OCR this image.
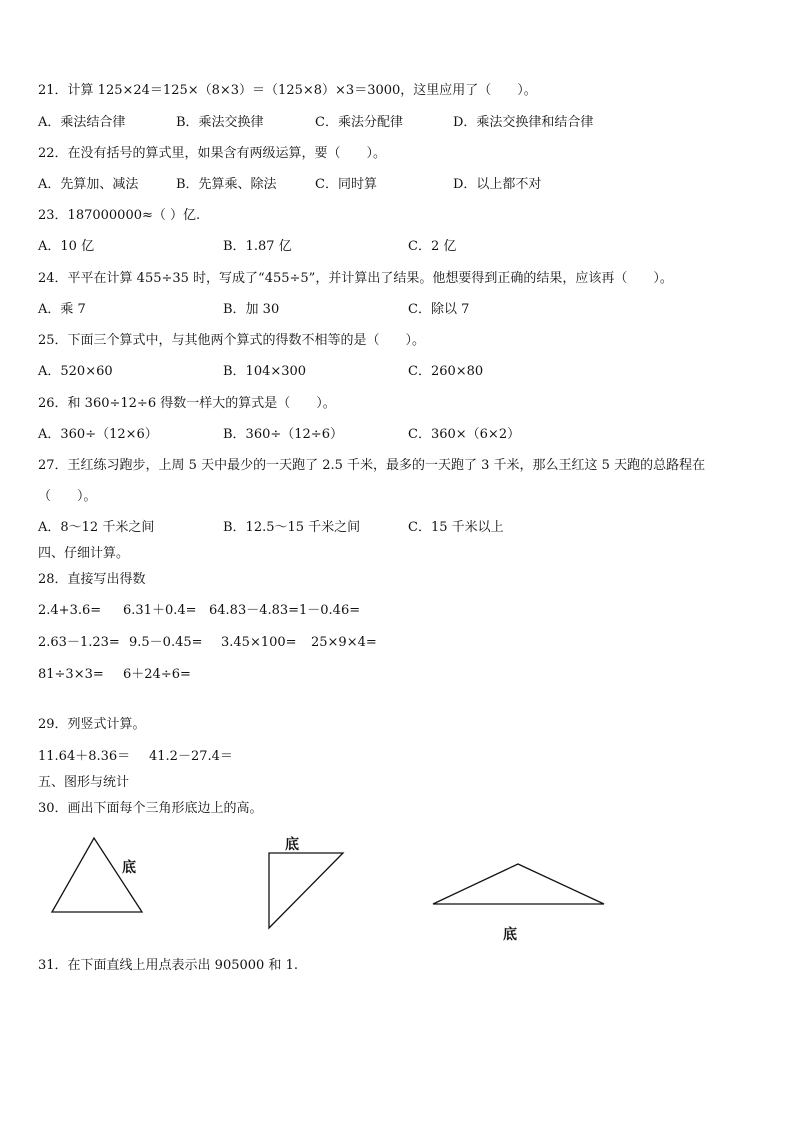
21．计算 125×24＝125×（8×3）＝（125×8）×3＝3000，这里应用了（　　）。
A．乘法结合律	B．乘法交换律	C．乘法分配律	D．乘法交换律和结合律
22．在没有括号的算式里，如果含有两级运算，要（　　）。
A．先算加、减法	B．先算乘、除法	C．同时算	D．以上都不对
23．187000000≈（ ）亿.
A．10 亿	B．1.87 亿	C．2 亿
24．平平在计算 455÷35 时，写成了“455÷5”，并计算出了结果。他想要得到正确的结果，应该再（　　）。
A．乘 7	B．加 30	C．除以 7
25．下面三个算式中，与其他两个算式的得数不相等的是（　　）。
A．520×60	B．104×300	C．260×80
26．和 360÷12÷6 得数一样大的算式是（　　）。
A．360÷（12×6）	B．360÷（12÷6）	C．360×（6×2）
27．王红练习跑步，上周 5 天中最少的一天跑了 2.5 千米，最多的一天跑了 3 千米，那么王红这 5 天跑的总路程在
（　　）。
A．8～12 千米之间	B．12.5～15 千米之间	C．15 千米以上
四、仔细计算。
28．直接写出得数
2.4+3.6= 6.31＋0.4= 64.83－4.83= 1－0.46=
2.63－1.23= 9.5－0.45= 3.45×100= 25×9×4=
81÷3×3= 6＋24÷6=
29．列竖式计算。
11.64＋8.36＝ 41.2－27.4＝
五、图形与统计
30．画出下面每个三角形底边上的高。
底
底
底
31．在下面直线上用点表示出 905000 和 1.
